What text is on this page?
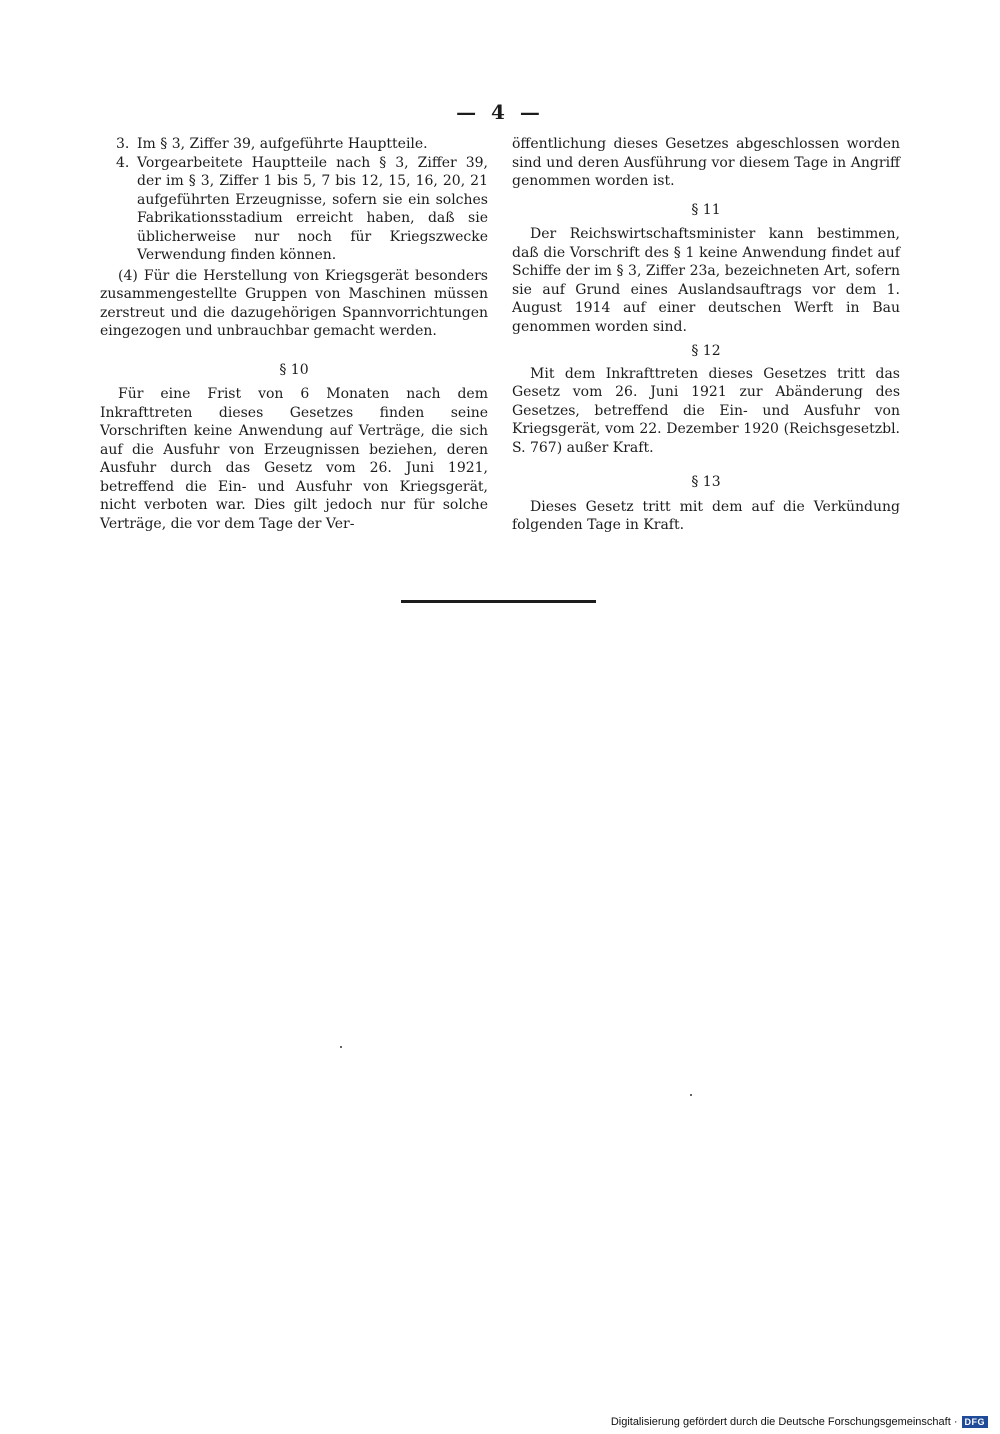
— 4 —
3. Im § 3, Ziffer 39, aufgeführte Hauptteile.
4. Vorgearbeitete Hauptteile nach § 3, Ziffer 39, der im § 3, Ziffer 1 bis 5, 7 bis 12, 15, 16, 20, 21 aufgeführten Erzeugnisse, sofern sie ein solches Fabrikationsstadium erreicht haben, daß sie üblicherweise nur noch für Kriegszwecke Verwendung finden können.

(4) Für die Herstellung von Kriegsgerät besonders zusammengestellte Gruppen von Maschinen müssen zerstreut und die dazugehörigen Spannvorrichtungen eingezogen und unbrauchbar gemacht werden.

§ 10

Für eine Frist von 6 Monaten nach dem Inkrafttreten dieses Gesetzes finden seine Vorschriften keine Anwendung auf Verträge, die sich auf die Ausfuhr von Erzeugnissen beziehen, deren Ausfuhr durch das Gesetz vom 26. Juni 1921, betreffend die Ein- und Ausfuhr von Kriegsgerät, nicht verboten war. Dies gilt jedoch nur für solche Verträge, die vor dem Tage der Ver-

öffentlichung dieses Gesetzes abgeschlossen worden sind und deren Ausführung vor diesem Tage in Angriff genommen worden ist.

§ 11

Der Reichswirtschaftsminister kann bestimmen, daß die Vorschrift des § 1 keine Anwendung findet auf Schiffe der im § 3, Ziffer 23a, bezeichneten Art, sofern sie auf Grund eines Auslandsauftrags vor dem 1. August 1914 auf einer deutschen Werft in Bau genommen worden sind.

§ 12

Mit dem Inkrafttreten dieses Gesetzes tritt das Gesetz vom 26. Juni 1921 zur Abänderung des Gesetzes, betreffend die Ein- und Ausfuhr von Kriegsgerät, vom 22. Dezember 1920 (Reichsgesetzbl. S. 767) außer Kraft.

§ 13

Dieses Gesetz tritt mit dem auf die Verkündung folgenden Tage in Kraft.

Digitalisierung gefördert durch die Deutsche Forschungsgemeinschaft · DFG
